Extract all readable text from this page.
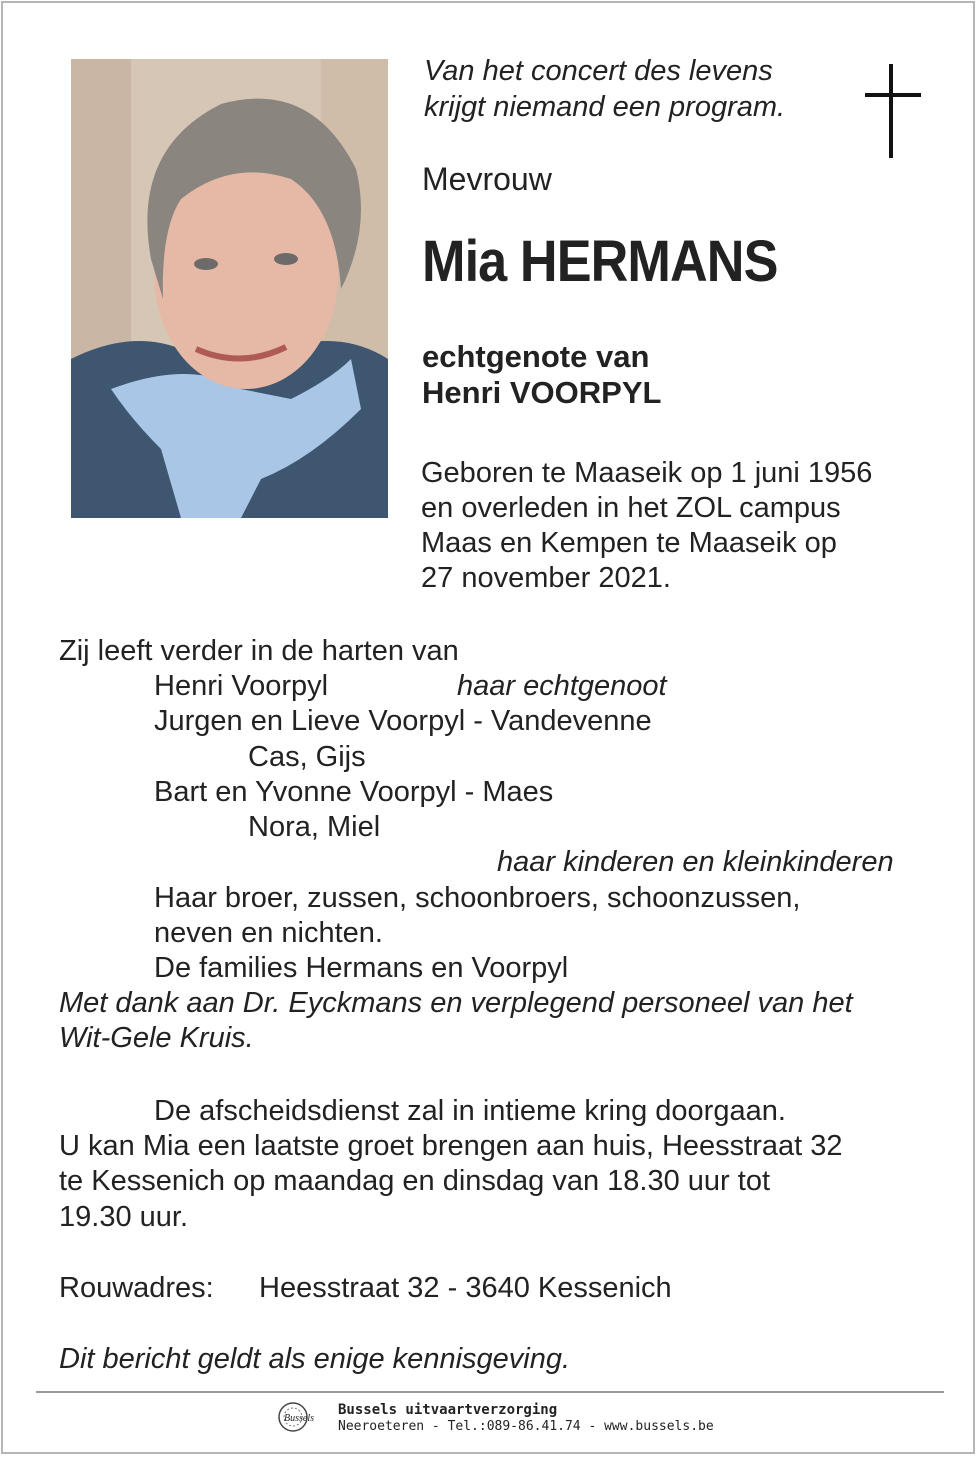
Van het concert des levens
krijgt niemand een program.
Mevrouw
Mia HERMANS
echtgenote van
Henri VOORPYL
Geboren te Maaseik op 1 juni 1956
en overleden in het ZOL campus
Maas en Kempen te Maaseik op
27 november 2021.
Zij leeft verder in de harten van
Henri Voorpyl	haar echtgenoot
Jurgen en Lieve Voorpyl - Vandevenne
Cas, Gijs
Bart en Yvonne Voorpyl - Maes
Nora, Miel
haar kinderen en kleinkinderen
Haar broer, zussen, schoonbroers, schoonzussen,
neven en nichten.
De families Hermans en Voorpyl
Met dank aan Dr. Eyckmans en verplegend personeel van het
Wit-Gele Kruis.
De afscheidsdienst zal in intieme kring doorgaan.
U kan Mia een laatste groet brengen aan huis, Heesstraat 32
te Kessenich op maandag en dinsdag van 18.30 uur tot
19.30 uur.
Rouwadres: Heesstraat 32 - 3640 Kessenich
Dit bericht geldt als enige kennisgeving.
Bussels
Bussels uitvaartverzorging
Neeroeteren - Tel.:089-86.41.74 - www.bussels.be
